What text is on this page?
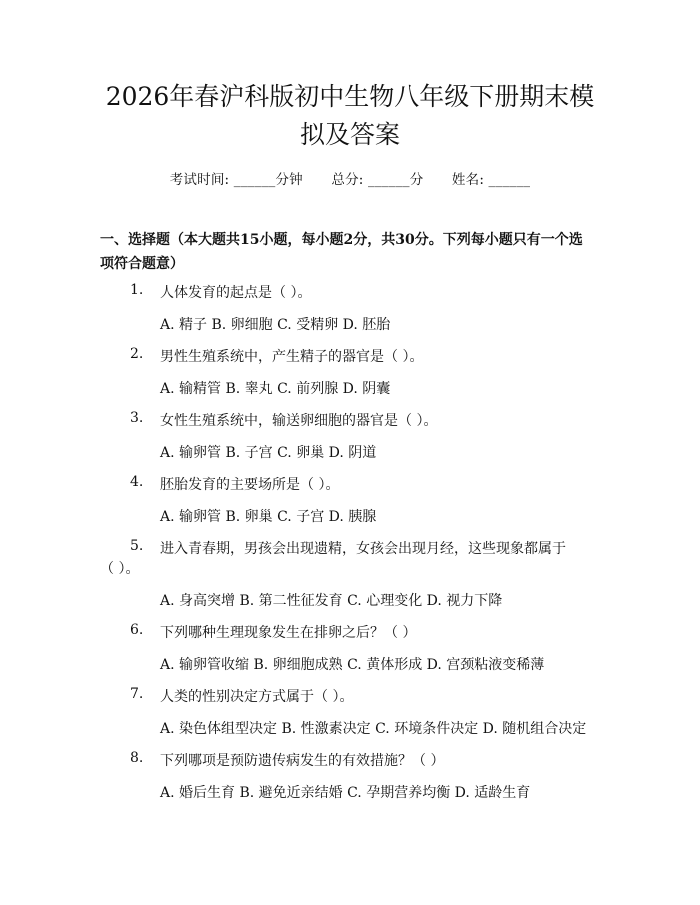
2026年春沪科版初中生物八年级下册期末模
拟及答案
考试时间: ______分钟 总分: ______分 姓名: ______
一、选择题（本大题共15小题，每小题2分，共30分。下列每小题只有一个选
项符合题意）
1. 人体发育的起点是（ ）。
A. 精子 B. 卵细胞 C. 受精卵 D. 胚胎
2. 男性生殖系统中，产生精子的器官是（ ）。
A. 输精管 B. 睾丸 C. 前列腺 D. 阴囊
3. 女性生殖系统中，输送卵细胞的器官是（ ）。
A. 输卵管 B. 子宫 C. 卵巢 D. 阴道
4. 胚胎发育的主要场所是（ ）。
A. 输卵管 B. 卵巢 C. 子宫 D. 胰腺
5. 进入青春期，男孩会出现遗精，女孩会出现月经，这些现象都属于
（ ）。
A. 身高突增 B. 第二性征发育 C. 心理变化 D. 视力下降
6. 下列哪种生理现象发生在排卵之后？（ ）
A. 输卵管收缩 B. 卵细胞成熟 C. 黄体形成 D. 宫颈粘液变稀薄
7. 人类的性别决定方式属于（ ）。
A. 染色体组型决定 B. 性激素决定 C. 环境条件决定 D. 随机组合决定
8. 下列哪项是预防遗传病发生的有效措施？（ ）
A. 婚后生育 B. 避免近亲结婚 C. 孕期营养均衡 D. 适龄生育
